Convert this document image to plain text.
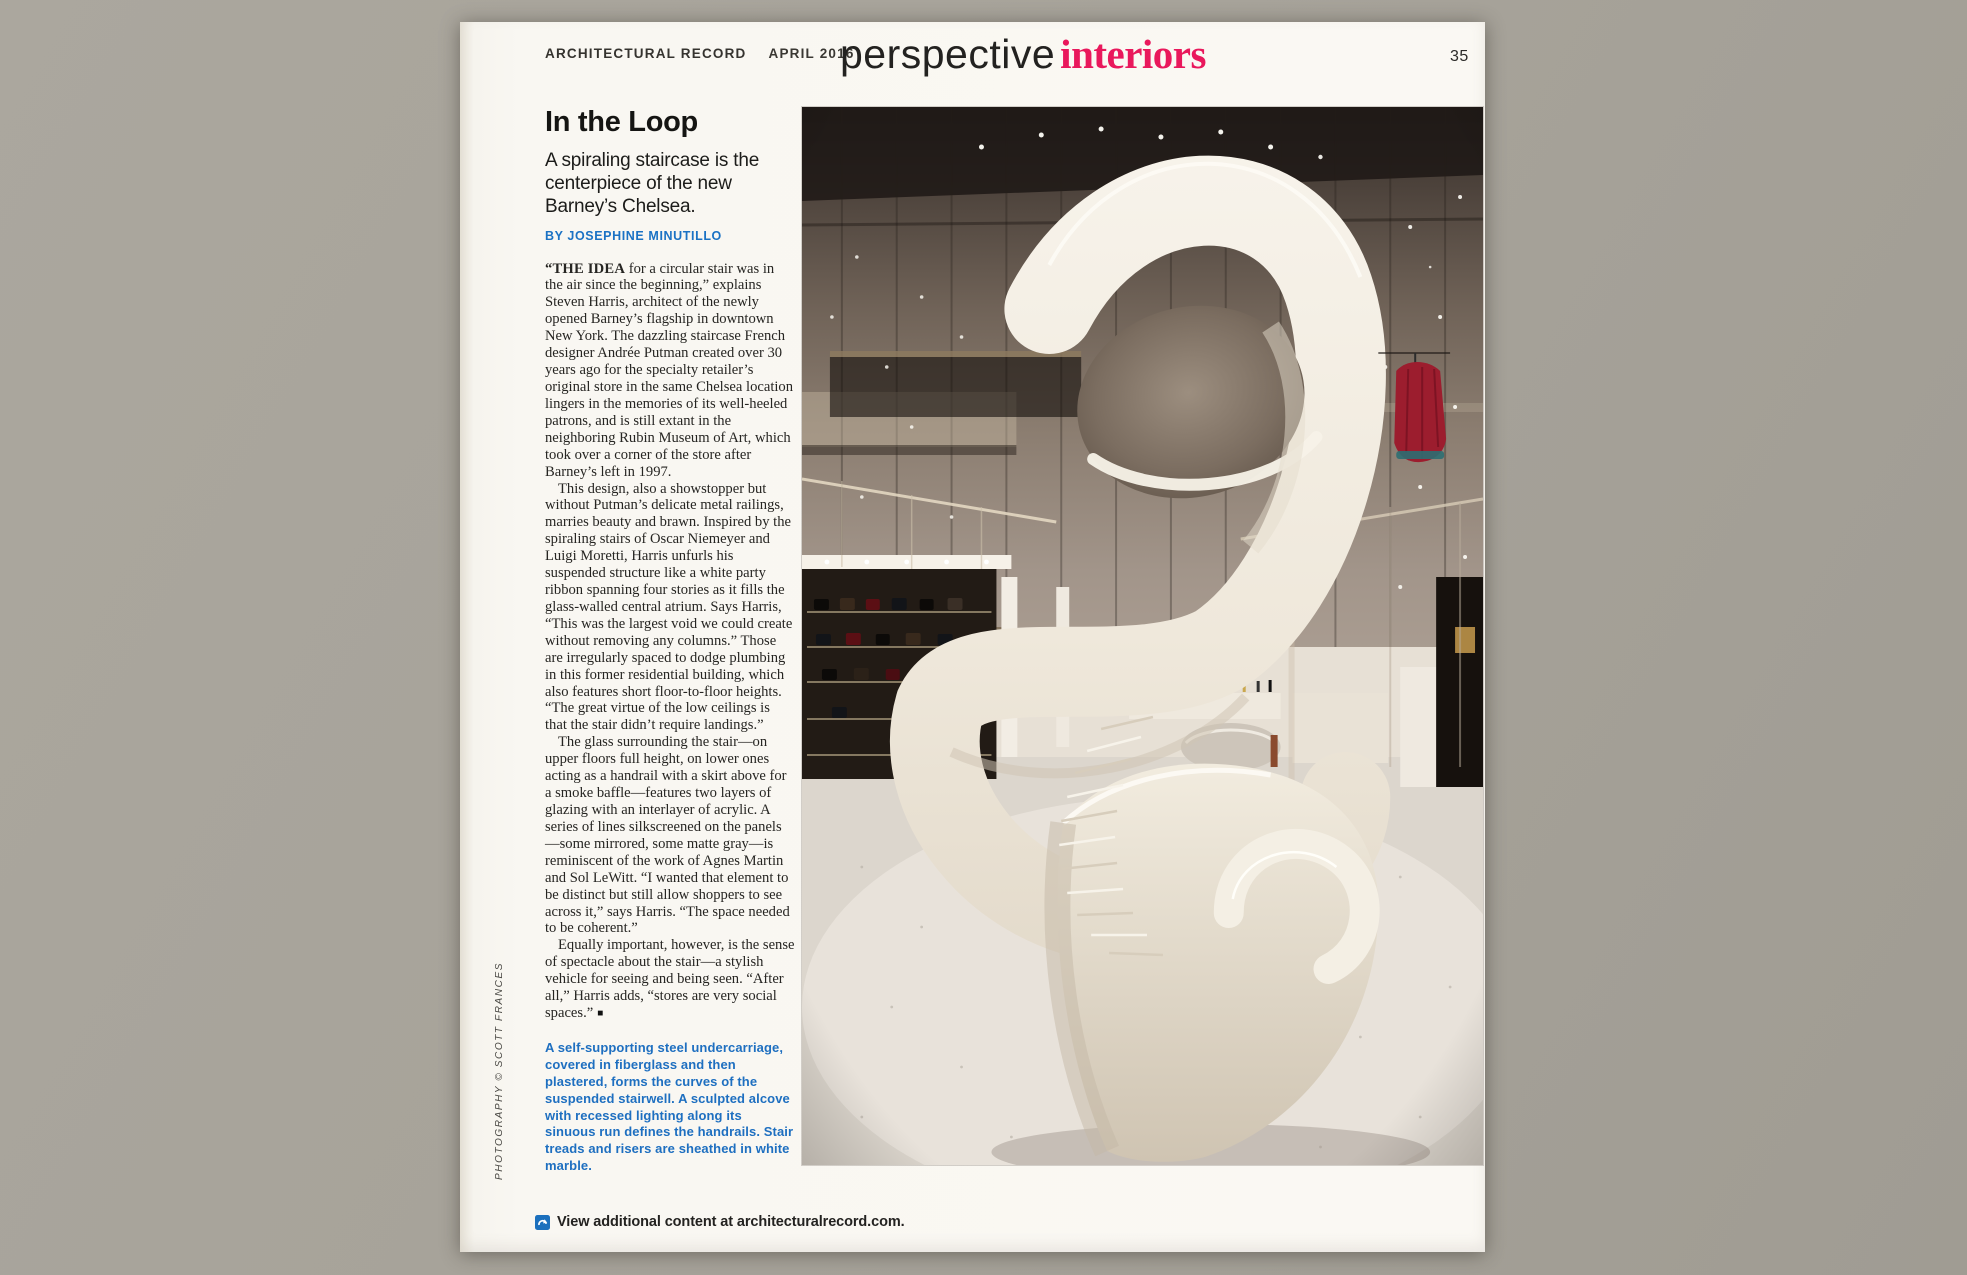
ARCHITECTURAL RECORD APRIL 2016
perspective interiors	35
In the Loop

A spiraling staircase is the centerpiece of the new Barney’s Chelsea.

BY JOSEPHINE MINUTILLO

“THE IDEA for a circular stair was in the air since the beginning,” explains Steven Harris, architect of the newly opened Barney’s flagship in downtown New York. The dazzling staircase French designer Andrée Putman created over 30 years ago for the specialty retailer’s original store in the same Chelsea location lingers in the memories of its well-heeled patrons, and is still extant in the neighboring Rubin Museum of Art, which took over a corner of the store after Barney’s left in 1997.

This design, also a showstopper but without Putman’s delicate metal railings, marries beauty and brawn. Inspired by the spiraling stairs of Oscar Niemeyer and Luigi Moretti, Harris unfurls his suspended structure like a white party ribbon spanning four stories as it fills the glass-walled central atrium. Says Harris, “This was the largest void we could create without removing any columns.” Those are irregularly spaced to dodge plumbing in this former residential building, which also features short floor-to-floor heights. “The great virtue of the low ceilings is that the stair didn’t require landings.”

The glass surrounding the stair—on upper floors full height, on lower ones acting as a handrail with a skirt above for a smoke baffle—features two layers of glazing with an interlayer of acrylic. A series of lines silkscreened on the panels—some mirrored, some matte gray—is reminiscent of the work of Agnes Martin and Sol LeWitt. “I wanted that element to be distinct but still allow shoppers to see across it,” says Harris. “The space needed to be coherent.”

Equally important, however, is the sense of spectacle about the stair—a stylish vehicle for seeing and being seen. “After all,” Harris adds, “stores are very social spaces.” ■

A self-supporting steel undercarriage, covered in fiberglass and then plastered, forms the curves of the suspended stairwell. A sculpted alcove with recessed lighting along its sinuous run defines the handrails. Stair treads and risers are sheathed in white marble.
PHOTOGRAPHY © SCOTT FRANCES
View additional content at architecturalrecord.com.
